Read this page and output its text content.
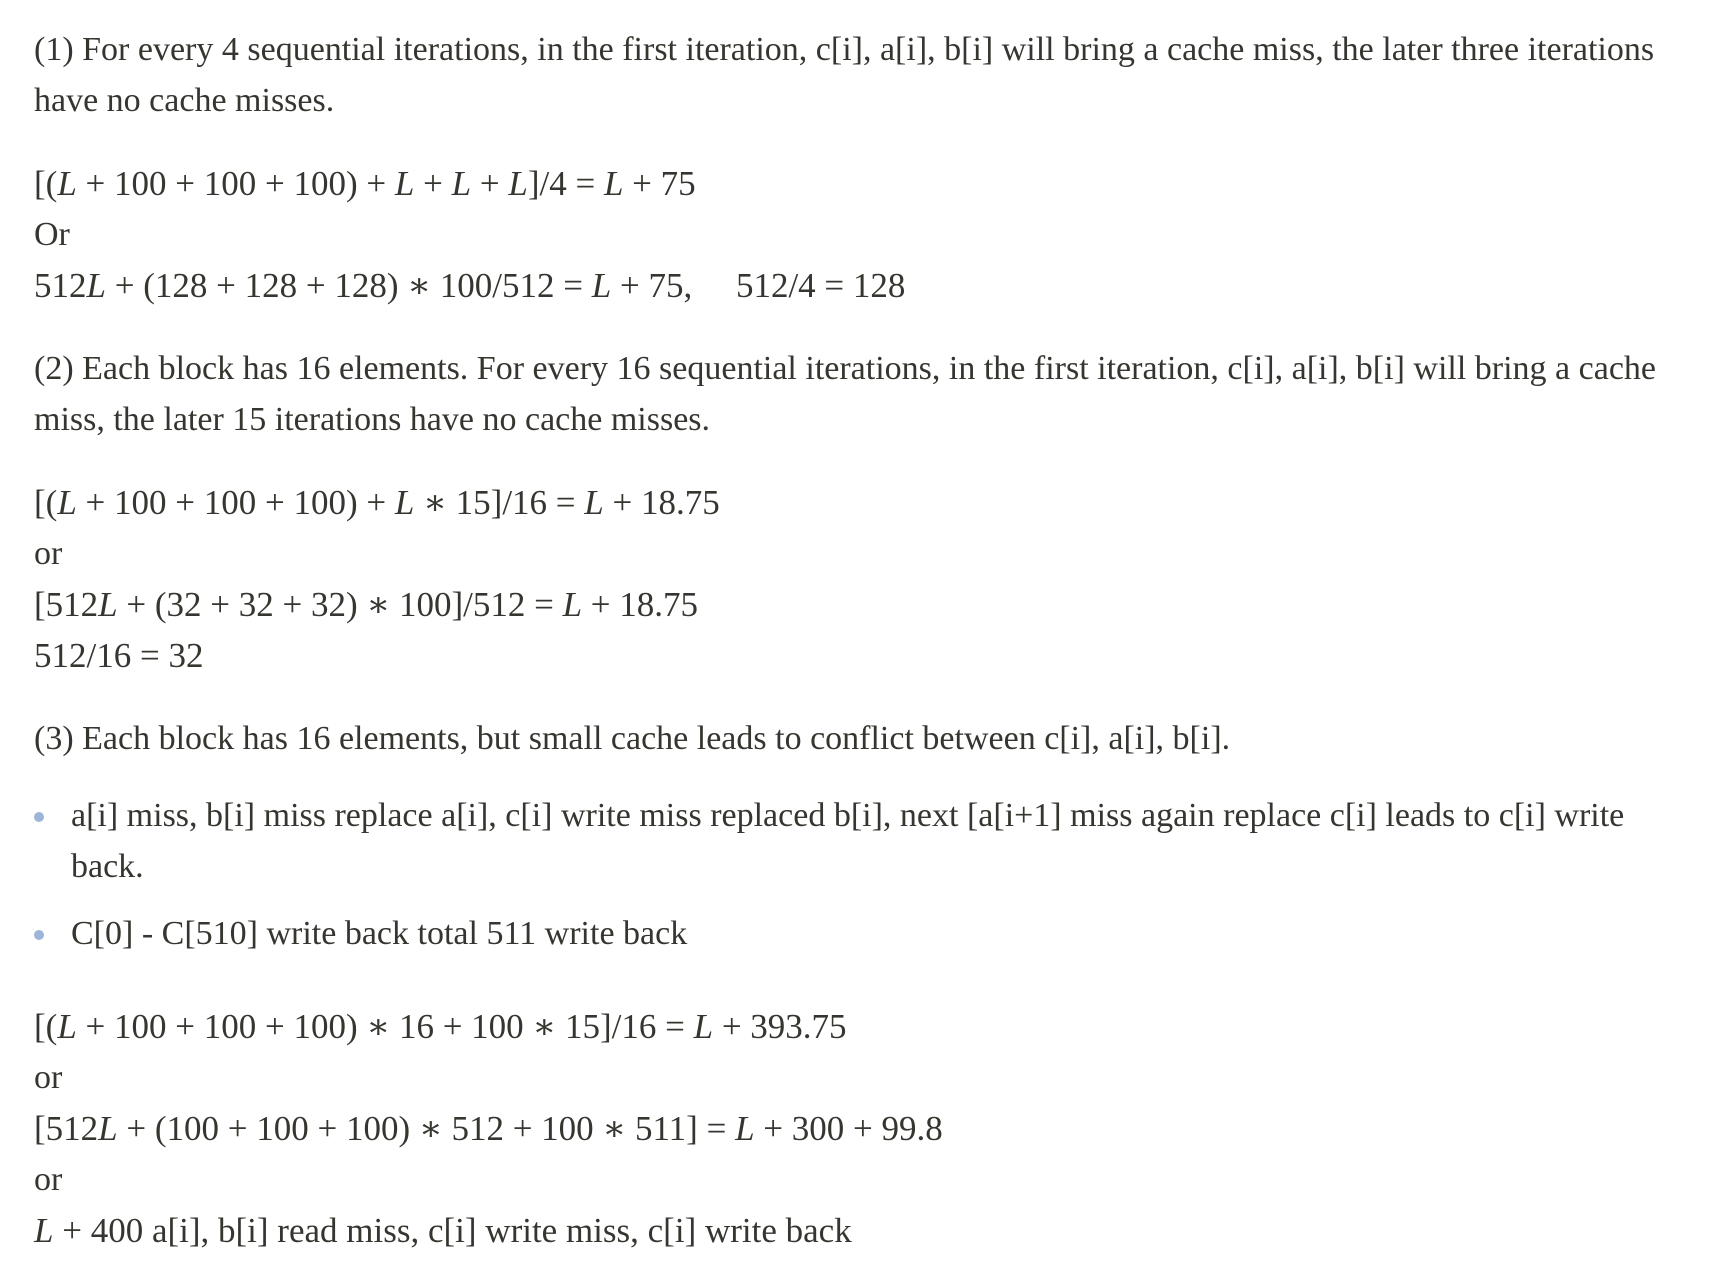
(1) For every 4 sequential iterations, in the first iteration, c[i], a[i], b[i] will bring a cache miss, the later three iterations have no cache misses.

[(L + 100 + 100 + 100) + L + L + L]/4 = L + 75

Or

512L + (128 + 128 + 128) ∗ 100/512 = L + 75,     512/4 = 128

(2) Each block has 16 elements. For every 16 sequential iterations, in the first iteration, c[i], a[i], b[i] will bring a cache miss, the later 15 iterations have no cache misses.

[(L + 100 + 100 + 100) + L ∗ 15]/16 = L + 18.75

or

[512L + (32 + 32 + 32) ∗ 100]/512 = L + 18.75

512/16 = 32

(3) Each block has 16 elements, but small cache leads to conflict between c[i], a[i], b[i].

a[i] miss, b[i] miss replace a[i], c[i] write miss replaced b[i], next [a[i+1] miss again replace c[i] leads to c[i] write back.
C[0] - C[510] write back total 511 write back

[(L + 100 + 100 + 100) ∗ 16 + 100 ∗ 15]/16 = L + 393.75

or

[512L + (100 + 100 + 100) ∗ 512 + 100 ∗ 511] = L + 300 + 99.8

or

L + 400 a[i], b[i] read miss, c[i] write miss, c[i] write back
